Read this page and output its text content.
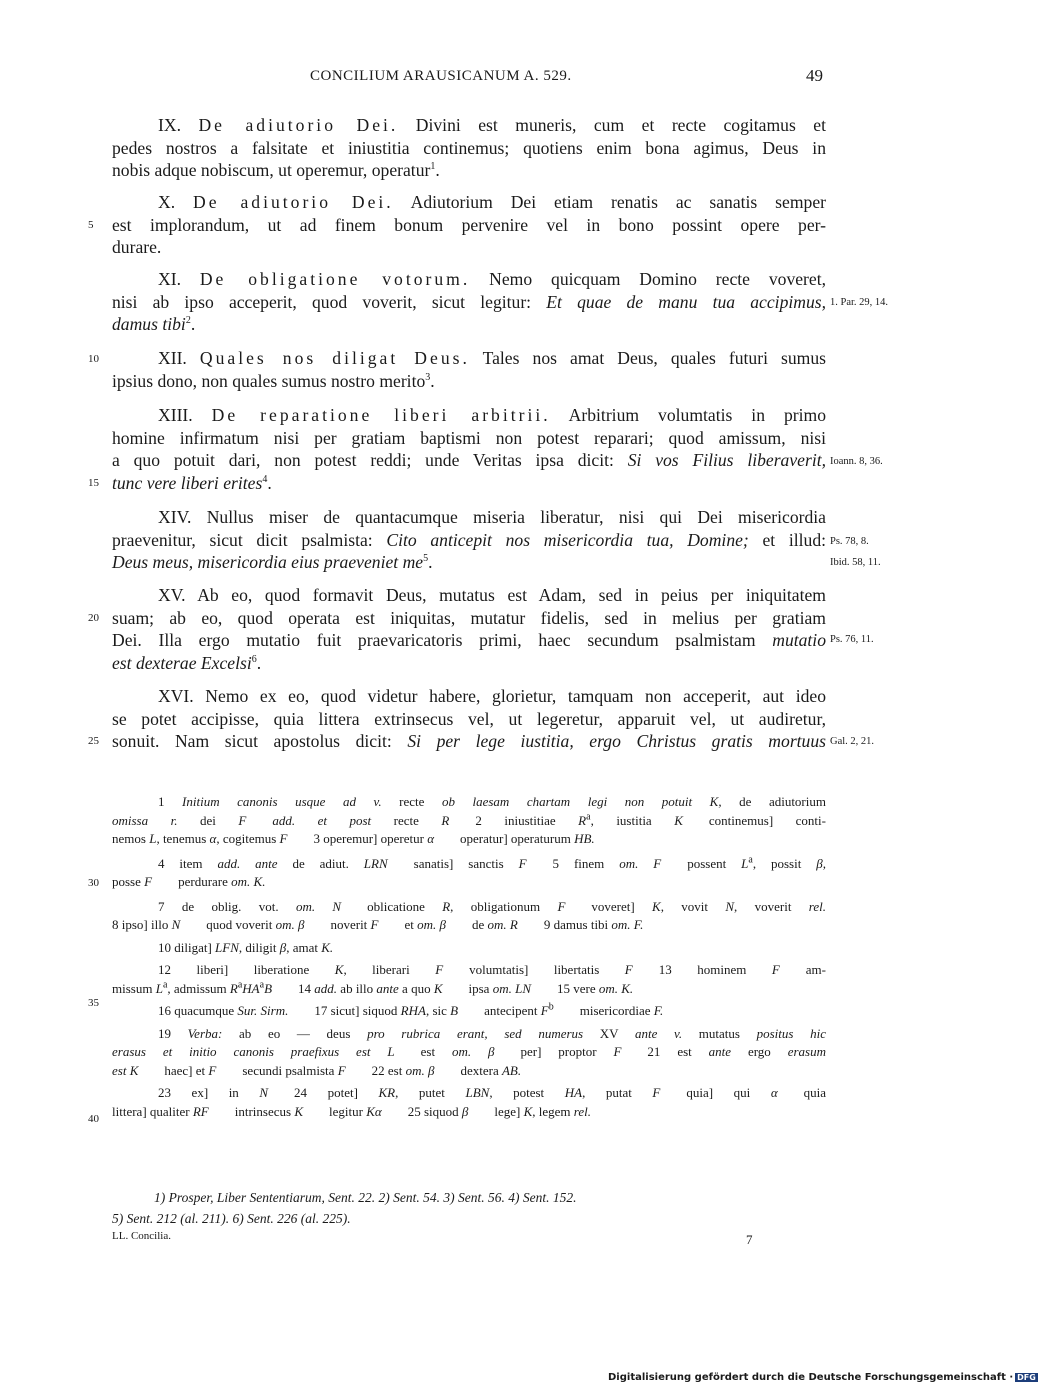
CONCILIUM ARAUSICANUM A. 529.	49
IX. De adiutorio Dei. Divini est muneris, cum et recte cogitamus et
pedes nostros a falsitate et iniustitia continemus; quotiens enim bona agimus, Deus in
nobis adque nobiscum, ut operemur, operatur$^1$.
X. De adiutorio Dei. Adiutorium Dei etiam renatis ac sanatis semper
est implorandum, ut ad finem bonum pervenire vel in bono possint opere per-
durare.
5
XI. De obligatione votorum. Nemo quicquam Domino recte voveret,
nisi ab ipso acceperit, quod voverit, sicut legitur: Et quae de manu tua accipimus,
damus tibi$^2$.
1. Par. 29, 14.
XII. Quales nos diligat Deus. Tales nos amat Deus, quales futuri sumus
ipsius dono, non quales sumus nostro merito$^3$.
10
XIII. De reparatione liberi arbitrii. Arbitrium volumtatis in primo
homine infirmatum nisi per gratiam baptismi non potest reparari; quod amissum, nisi
a quo potuit dari, non potest reddi; unde Veritas ipsa dicit: Si vos Filius liberaverit,
tunc vere liberi erites$^4$.
Ioann. 8, 36.
15
XIV. Nullus miser de quantacumque miseria liberatur, nisi qui Dei misericordia
praevenitur, sicut dicit psalmista: Cito anticepit nos misericordia tua, Domine; et illud:
Deus meus, misericordia eius praeveniet $me^5$.
Ps. 78, 8.
Ibid. 58, 11.
XV. Ab eo, quod formavit Deus, mutatus est Adam, sed in peius per iniquitatem
suam; ab eo, quod operata est iniquitas, mutatur fidelis, sed in melius per gratiam
Dei. Illa ergo mutatio fuit praevaricatoris primi, haec secundum psalmistam mutatio
est dexterae Excelsi$^6$.
20
Ps. 76, 11.
XVI. Nemo ex eo, quod videtur habere, glorietur, tamquam non acceperit, aut ideo
se potet accipisse, quia littera extrinsecus vel, ut legeretur, apparuit vel, ut audiretur,
sonuit. Nam sicut apostolus dicit: Si per lege iustitia, ergo Christus gratis mortuus
25	Gal. 2, 21.
1 Initium canonis usque ad v. recte ob laesam chartam legi non potuit K, de adiutorium
omissa r. dei F   add. et post recte R  2 iniustitiae $R^a$, iustitia K  continemus] conti-
nemos L, tenemus α, cogitemus F  3 operemur] operetur α  operatur] operaturum HB.
4 item add. ante de adiut. LRN  sanatis] sanctis F  5 finem om. F  possent $L^a$, possit β,
posse F  perdurare om. K.
7 de oblig. vot. om. N  oblicatione R, obligationum F  voveret] K, vovit N, voverit rel.
8 ipso] illo N  quod voverit om. β  noverit F  et om. β  de om. R  9 damus tibi om. F.
10 diligat] LFN, diligit β, amat K.
12 liberi] liberatione K, liberari F  volumtatis] libertatis F  13 hominem F  am-
missum $L^a$, admissum $R^aHA^aB$  14 add. ab illo ante a quo K  ipsa om. LN  15 vere om. K.
16 quacumque Sur. Sirm.  17 sicut] siquod RHA, sic B  antecipent $F^b$  misericordiae F.
19 Verba: ab eo — deus pro rubrica erant, sed numerus XV ante v. mutatus positus hic
erasus et initio canonis praefixus est L  est om. β  per] proptor F  21 est ante ergo erasum
est K  haec] et F  secundi psalmista F  22 est om. β  dextera AB.
23 ex] in N  24 potet] KR, putet LBN, potest HA, putat F  quia] qui α  quia
littera] qualiter RF  intrinsecus K  legitur Kα  25 siquod β  lege] K, legem rel.
30
35
40
1) Prosper, Liber Sententiarum, Sent. 22. 2) Sent. 54. 3) Sent. 56. 4) Sent. 152.
5) Sent. 212 (al. 211). 6) Sent. 226 (al. 225).
LL. Concilia.	7
Digitalisierung gefördert durch die Deutsche Forschungsgemeinschaft · DFG
